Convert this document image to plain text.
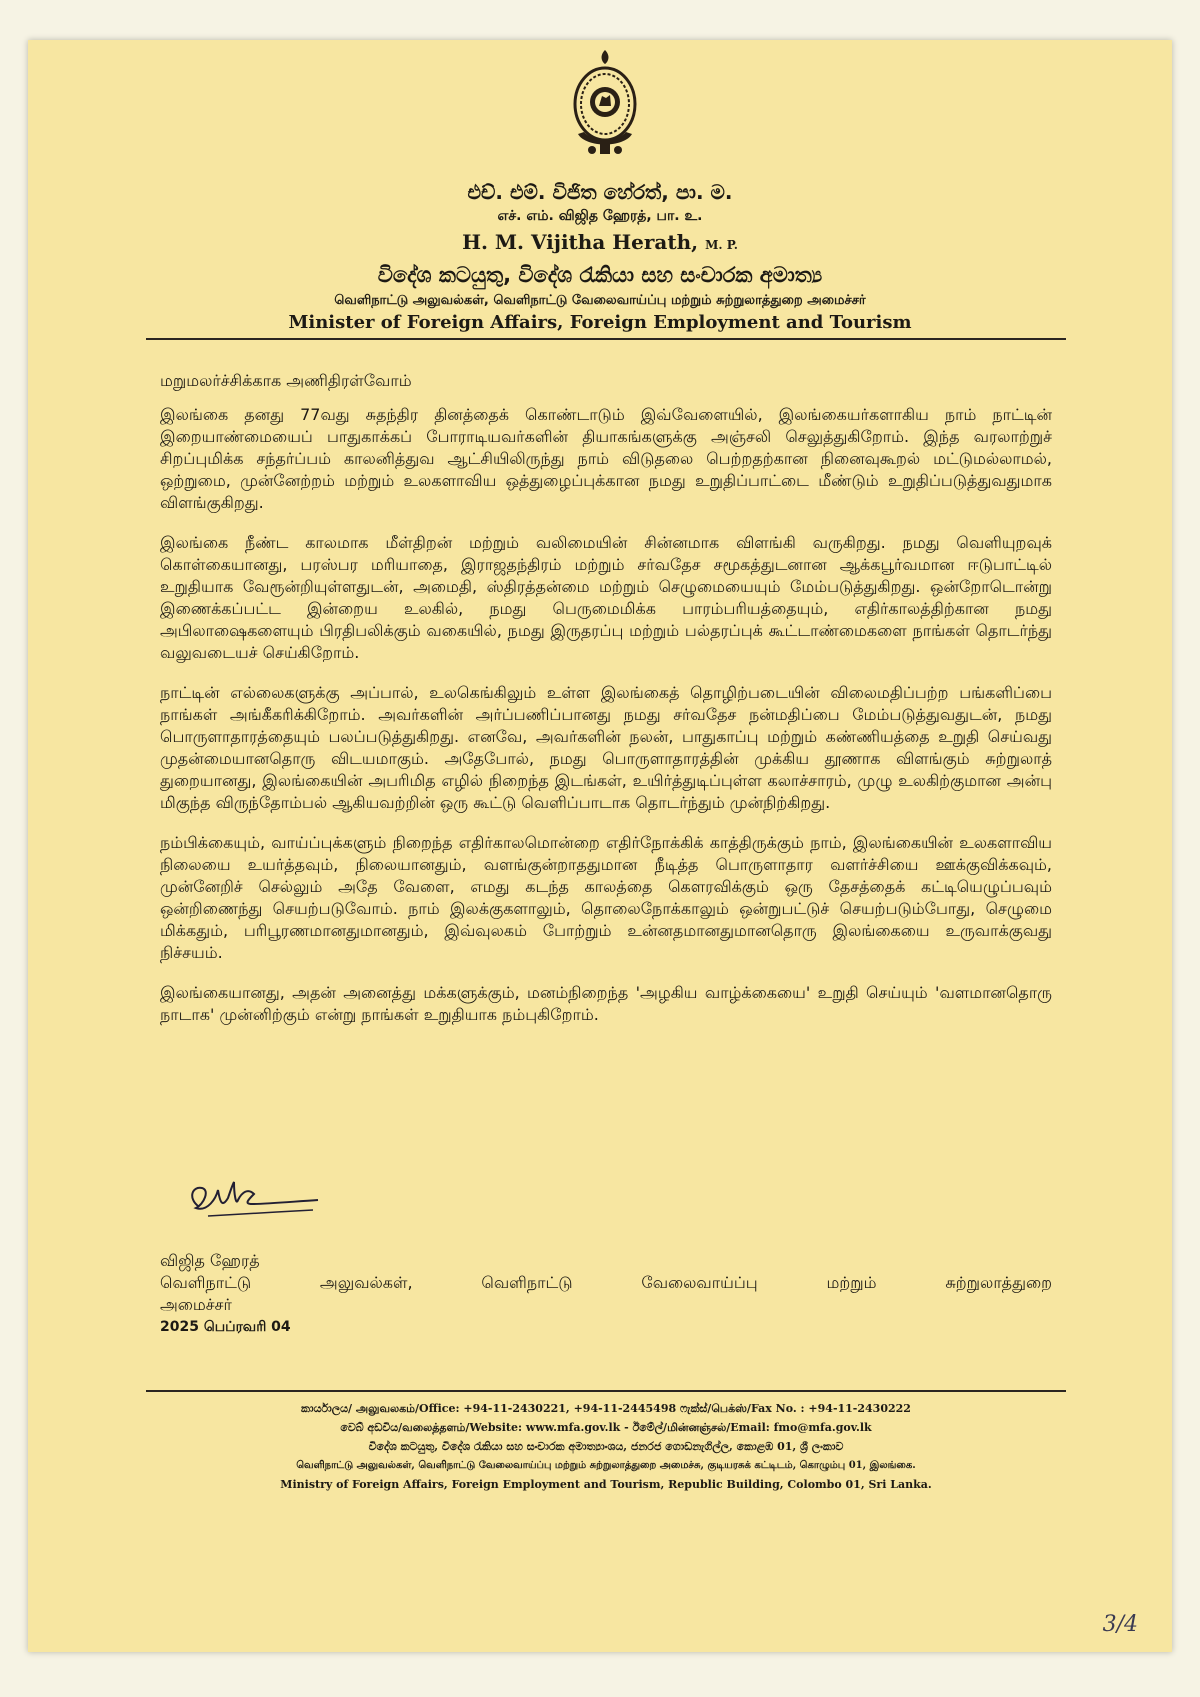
එච්. එම්. විජිත හේරත්, පා. ම.
எச். எம். விஜித ஹேரத், பா. உ.
H. M. Vijitha Herath, M. P.
විදේශ කටයුතු, විදේශ රැකියා සහ සංචාරක අමාත්‍ය
வெளிநாட்டு அலுவல்கள், வெளிநாட்டு வேலைவாய்ப்பு மற்றும் சுற்றுலாத்துறை அமைச்சர்
Minister of Foreign Affairs, Foreign Employment and Tourism

மறுமலர்ச்சிக்காக அணிதிரள்வோம்

இலங்கை தனது 77வது சுதந்திர தினத்தைக் கொண்டாடும் இவ்வேளையில், இலங்கையர்களாகிய நாம் நாட்டின் இறையாண்மையைப் பாதுகாக்கப் போராடியவர்களின் தியாகங்களுக்கு அஞ்சலி செலுத்துகிறோம். இந்த வரலாற்றுச் சிறப்புமிக்க சந்தர்ப்பம் காலனித்துவ ஆட்சியிலிருந்து நாம் விடுதலை பெற்றதற்கான நினைவுகூறல் மட்டுமல்லாமல், ஒற்றுமை, முன்னேற்றம் மற்றும் உலகளாவிய ஒத்துழைப்புக்கான நமது உறுதிப்பாட்டை மீண்டும் உறுதிப்படுத்துவதுமாக விளங்குகிறது.

இலங்கை நீண்ட காலமாக மீள்திறன் மற்றும் வலிமையின் சின்னமாக விளங்கி வருகிறது. நமது வெளியுறவுக் கொள்கையானது, பரஸ்பர மரியாதை, இராஜதந்திரம் மற்றும் சர்வதேச சமூகத்துடனான ஆக்கபூர்வமான ஈடுபாட்டில் உறுதியாக வேரூன்றியுள்ளதுடன், அமைதி, ஸ்திரத்தன்மை மற்றும் செழுமையையும் மேம்படுத்துகிறது. ஒன்றோடொன்று இணைக்கப்பட்ட இன்றைய உலகில், நமது பெருமைமிக்க பாரம்பரியத்தையும், எதிர்காலத்திற்கான நமது அபிலாஷைகளையும் பிரதிபலிக்கும் வகையில், நமது இருதரப்பு மற்றும் பல்தரப்புக் கூட்டாண்மைகளை நாங்கள் தொடர்ந்து வலுவடையச் செய்கிறோம்.

நாட்டின் எல்லைகளுக்கு அப்பால், உலகெங்கிலும் உள்ள இலங்கைத் தொழிற்படையின் விலைமதிப்பற்ற பங்களிப்பை நாங்கள் அங்கீகரிக்கிறோம். அவர்களின் அர்ப்பணிப்பானது நமது சர்வதேச நன்மதிப்பை மேம்படுத்துவதுடன், நமது பொருளாதாரத்தையும் பலப்படுத்துகிறது. எனவே, அவர்களின் நலன், பாதுகாப்பு மற்றும் கண்ணியத்தை உறுதி செய்வது முதன்மையானதொரு விடயமாகும். அதேபோல், நமது பொருளாதாரத்தின் முக்கிய தூணாக விளங்கும் சுற்றுலாத் துறையானது, இலங்கையின் அபரிமித எழில் நிறைந்த இடங்கள், உயிர்த்துடிப்புள்ள கலாச்சாரம், முழு உலகிற்குமான அன்பு மிகுந்த விருந்தோம்பல் ஆகியவற்றின் ஒரு கூட்டு வெளிப்பாடாக தொடர்ந்தும் முன்நிற்கிறது.

நம்பிக்கையும், வாய்ப்புக்களும் நிறைந்த எதிர்காலமொன்றை எதிர்நோக்கிக் காத்திருக்கும் நாம், இலங்கையின் உலகளாவிய நிலையை உயர்த்தவும், நிலையானதும், வளங்குன்றாததுமான நீடித்த பொருளாதார வளர்ச்சியை ஊக்குவிக்கவும், முன்னேறிச் செல்லும் அதே வேளை, எமது கடந்த காலத்தை கௌரவிக்கும் ஒரு தேசத்தைக் கட்டியெழுப்பவும் ஒன்றிணைந்து செயற்படுவோம். நாம் இலக்குகளாலும், தொலைநோக்காலும் ஒன்றுபட்டுச் செயற்படும்போது, செழுமை மிக்கதும், பரிபூரணமானதுமானதும், இவ்வுலகம் போற்றும் உன்னதமானதுமானதொரு இலங்கையை உருவாக்குவது நிச்சயம்.

இலங்கையானது, அதன் அனைத்து மக்களுக்கும், மனம்நிறைந்த 'அழகிய வாழ்க்கையை' உறுதி செய்யும் 'வளமானதொரு நாடாக' முன்னிற்கும் என்று நாங்கள் உறுதியாக நம்புகிறோம்.

விஜித ஹேரத்
வெளிநாட்டு அலுவல்கள், வெளிநாட்டு வேலைவாய்ப்பு மற்றும் சுற்றுலாத்துறை
அமைச்சர்
2025 பெப்ரவரி 04
කාර්යාලය/ அலுவலகம்/Office: +94-11-2430221, +94-11-2445498 ෆැක්ස්/பெக்ஸ்/Fax No. : +94-11-2430222
වෙබ් අඩවිය/வலைத்தளம்/Website: www.mfa.gov.lk - ඊමේල්/மின்னஞ்சல்/Email: fmo@mfa.gov.lk
විදේශ කටයුතු, විදේශ රැකියා සහ සංචාරක අමාත්‍යාංශය, ජනරජ ගොඩනැගිල්ල, කොළඹ 01, ශ්‍රී ලංකාව
வெளிநாட்டு அலுவல்கள், வெளிநாட்டு வேலைவாய்ப்பு மற்றும் சுற்றுலாத்துறை அமைச்சு, குடியரசுக் கட்டிடம், கொழும்பு 01, இலங்கை.
Ministry of Foreign Affairs, Foreign Employment and Tourism, Republic Building, Colombo 01, Sri Lanka.
3/4
